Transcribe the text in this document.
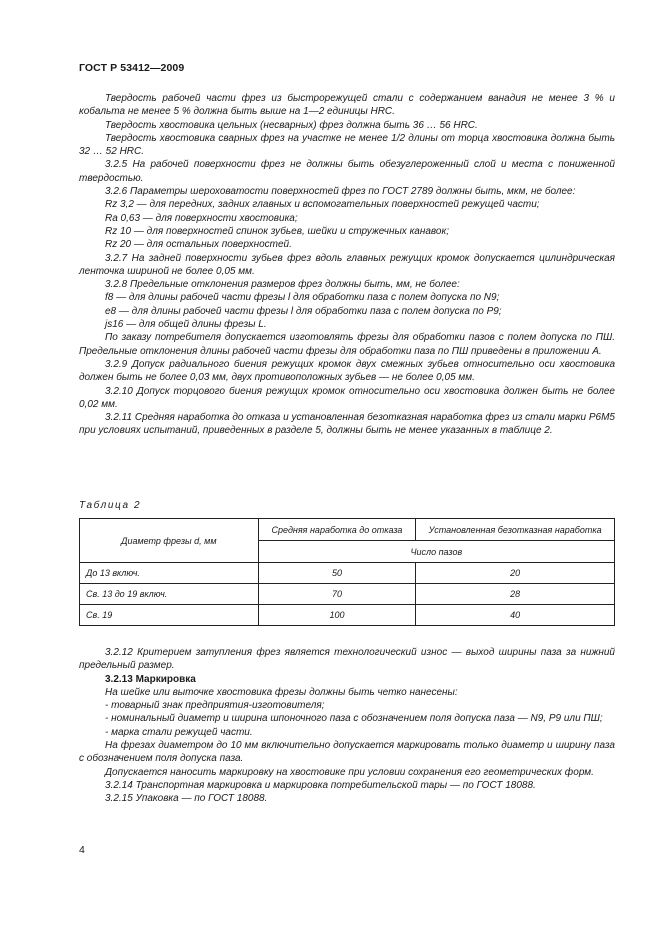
ГОСТ Р 53412—2009

Твердость рабочей части фрез из быстрорежущей стали с содержанием ванадия не менее 3 % и кобальта не менее 5 % должна быть выше на 1—2 единицы HRC.

Твердость хвостовика цельных (несварных) фрез должна быть 36 … 56 HRC.

Твердость хвостовика сварных фрез на участке не менее 1/2 длины от торца хвостовика должна быть 32 … 52 HRC.

3.2.5 На рабочей поверхности фрез не должны быть обезуглероженный слой и места с пониженной твердостью.

3.2.6 Параметры шероховатости поверхностей фрез по ГОСТ 2789 должны быть, мкм, не более:

Rz 3,2 — для передних, задних главных и вспомогательных поверхностей режущей части;

Ra 0,63 — для поверхности хвостовика;

Rz 10 — для поверхностей спинок зубьев, шейки и стружечных канавок;

Rz 20 — для остальных поверхностей.

3.2.7 На задней поверхности зубьев фрез вдоль главных режущих кромок допускается цилиндрическая ленточка шириной не более 0,05 мм.

3.2.8 Предельные отклонения размеров фрез должны быть, мм, не более:

f8 — для длины рабочей части фрезы l для обработки паза с полем допуска по N9;

e8 — для длины рабочей части фрезы l для обработки паза с полем допуска по P9;

js16 — для общей длины фрезы L.

По заказу потребителя допускается изготовлять фрезы для обработки пазов с полем допуска по ПШ. Предельные отклонения длины рабочей части фрезы для обработки паза по ПШ приведены в приложении А.

3.2.9 Допуск радиального биения режущих кромок двух смежных зубьев относительно оси хвостовика должен быть не более 0,03 мм, двух противоположных зубьев — не более 0,05 мм.

3.2.10 Допуск торцового биения режущих кромок относительно оси хвостовика должен быть не более 0,02 мм.

3.2.11 Средняя наработка до отказа и установленная безотказная наработка фрез из стали марки Р6М5 при условиях испытаний, приведенных в разделе 5, должны быть не менее указанных в таблице 2.

Таблица 2
Диаметр фрезы d, мм	Средняя наработка до отказа	Установленная безотказная наработка
	Число пазов	
До 13 включ.	50	20
Св. 13 до 19 включ.	70	28
Св. 19	100	40

3.2.12 Критерием затупления фрез является технологический износ — выход ширины паза за нижний предельный размер.

3.2.13 Маркировка

На шейке или выточке хвостовика фрезы должны быть четко нанесены:

- товарный знак предприятия-изготовителя;

- номинальный диаметр и ширина шпоночного паза с обозначением поля допуска паза — N9, P9 или ПШ;

- марка стали режущей части.

На фрезах диаметром до 10 мм включительно допускается маркировать только диаметр и ширину паза с обозначением поля допуска паза.

Допускается наносить маркировку на хвостовике при условии сохранения его геометрических форм.

3.2.14 Транспортная маркировка и маркировка потребительской тары — по ГОСТ 18088.

3.2.15 Упаковка — по ГОСТ 18088.

4
